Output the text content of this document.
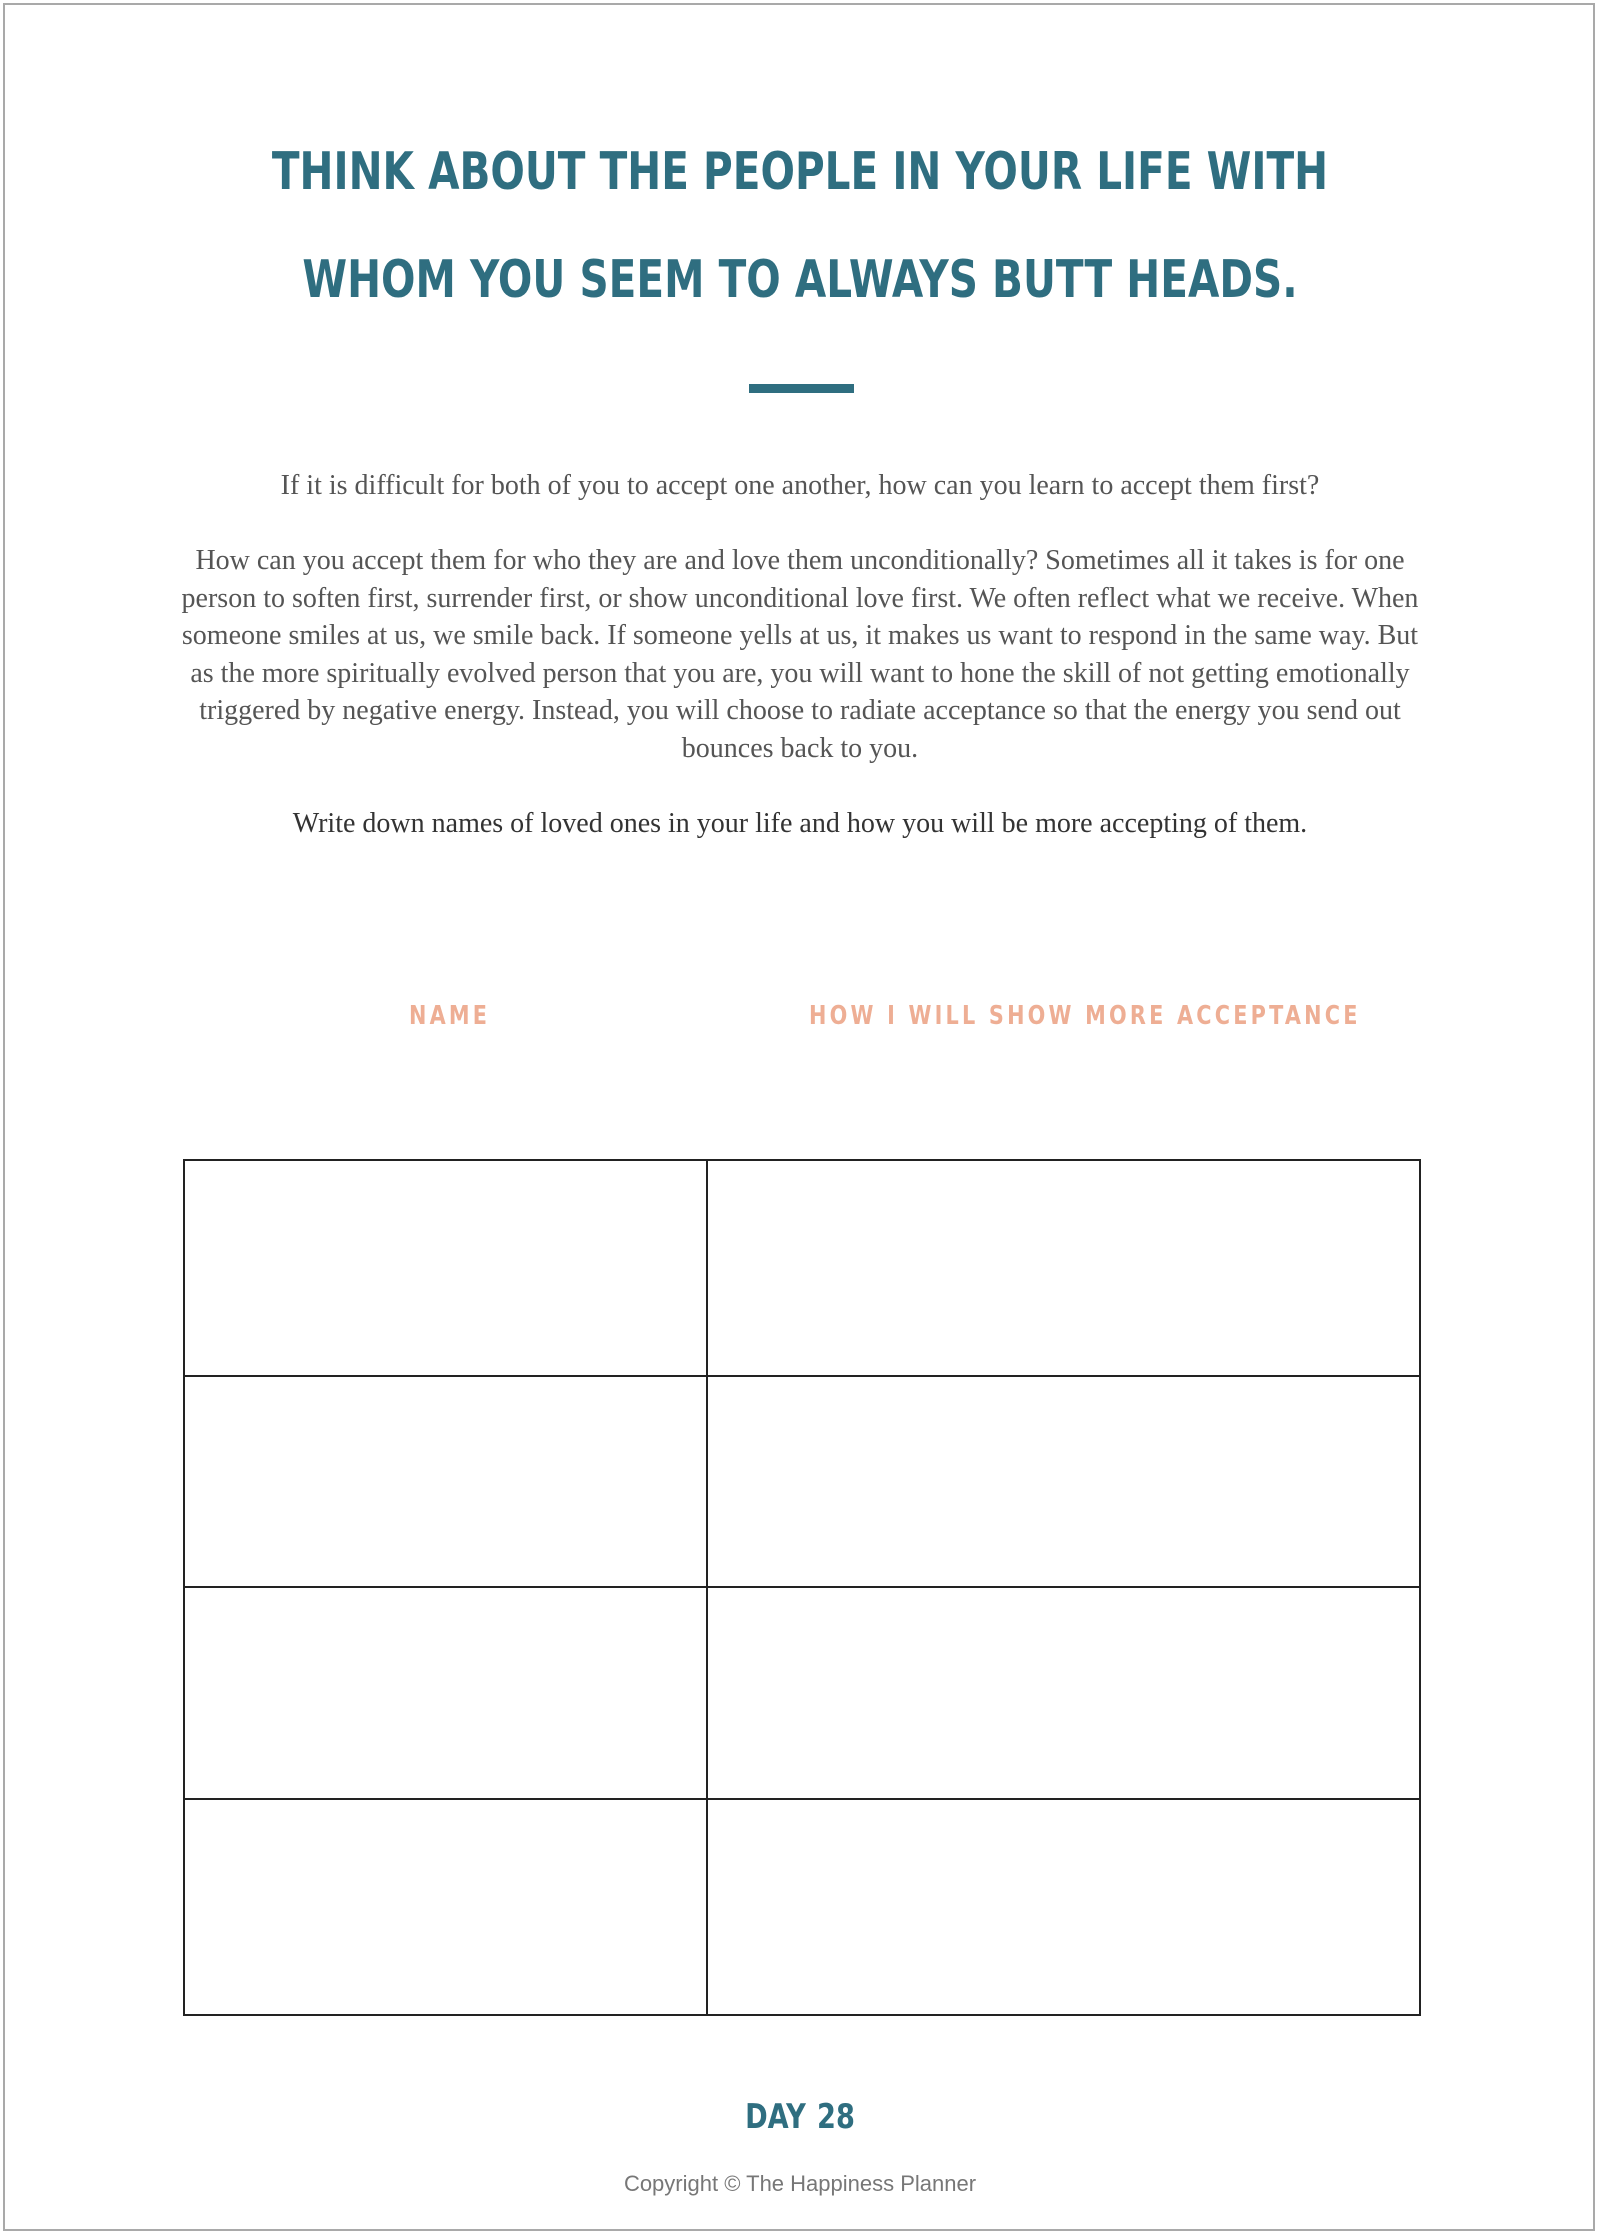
THINK ABOUT THE PEOPLE IN YOUR LIFE WITH
WHOM YOU SEEM TO ALWAYS BUTT HEADS.

If it is difficult for both of you to accept one another, how can you learn to accept them first?

How can you accept them for who they are and love them unconditionally? Sometimes all it takes is for one person to soften first, surrender first, or show unconditional love first. We often reflect what we receive. When someone smiles at us, we smile back. If someone yells at us, it makes us want to respond in the same way. But as the more spiritually evolved person that you are, you will want to hone the skill of not getting emotionally triggered by negative energy. Instead, you will choose to radiate acceptance so that the energy you send out bounces back to you.

Write down names of loved ones in your life and how you will be more accepting of them.

NAME	HOW I WILL SHOW MORE ACCEPTANCE

DAY 28

Copyright © The Happiness Planner
